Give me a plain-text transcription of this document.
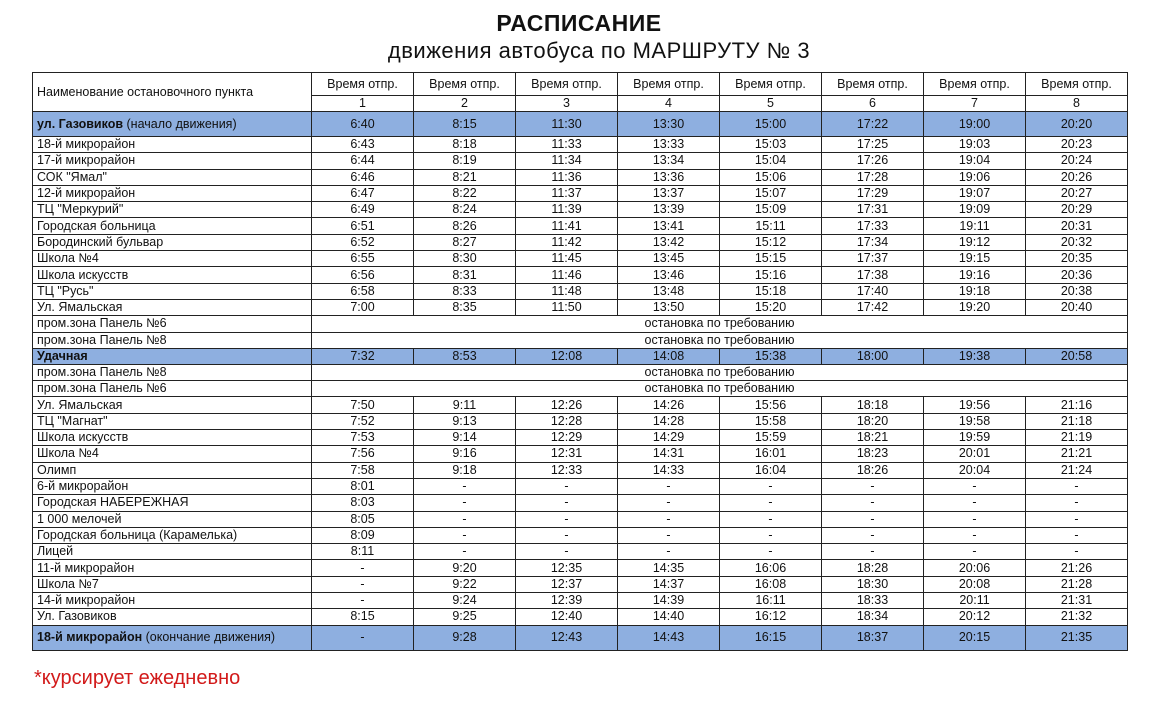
РАСПИСАНИЕ
движения автобуса по МАРШРУТУ № 3
Наименование остановочного пункта	Время отпр.	Время отпр.	Время отпр.	Время отпр.	Время отпр.	Время отпр.	Время отпр.	Время отпр.
	1	2	3	4	5	6	7	8
ул. Газовиков (начало движения)	6:40	8:15	11:30	13:30	15:00	17:22	19:00	20:20
18-й микрорайон	6:43	8:18	11:33	13:33	15:03	17:25	19:03	20:23
17-й микрорайон	6:44	8:19	11:34	13:34	15:04	17:26	19:04	20:24
СОК "Ямал"	6:46	8:21	11:36	13:36	15:06	17:28	19:06	20:26
12-й микрорайон	6:47	8:22	11:37	13:37	15:07	17:29	19:07	20:27
ТЦ "Меркурий"	6:49	8:24	11:39	13:39	15:09	17:31	19:09	20:29
Городская больница	6:51	8:26	11:41	13:41	15:11	17:33	19:11	20:31
Бородинский бульвар	6:52	8:27	11:42	13:42	15:12	17:34	19:12	20:32
Школа №4	6:55	8:30	11:45	13:45	15:15	17:37	19:15	20:35
Школа искусств	6:56	8:31	11:46	13:46	15:16	17:38	19:16	20:36
ТЦ "Русь"	6:58	8:33	11:48	13:48	15:18	17:40	19:18	20:38
Ул. Ямальская	7:00	8:35	11:50	13:50	15:20	17:42	19:20	20:40
пром.зона Панель №6	остановка по требованию							
пром.зона Панель №8	остановка по требованию							
Удачная	7:32	8:53	12:08	14:08	15:38	18:00	19:38	20:58
пром.зона Панель №8	остановка по требованию							
пром.зона Панель №6	остановка по требованию							
Ул. Ямальская	7:50	9:11	12:26	14:26	15:56	18:18	19:56	21:16
ТЦ "Магнат"	7:52	9:13	12:28	14:28	15:58	18:20	19:58	21:18
Школа искусств	7:53	9:14	12:29	14:29	15:59	18:21	19:59	21:19
Школа №4	7:56	9:16	12:31	14:31	16:01	18:23	20:01	21:21
Олимп	7:58	9:18	12:33	14:33	16:04	18:26	20:04	21:24
6-й микрорайон	8:01	-	-	-	-	-	-	-
Городская НАБЕРЕЖНАЯ	8:03	-	-	-	-	-	-	-
1 000 мелочей	8:05	-	-	-	-	-	-	-
Городская больница (Карамелька)	8:09	-	-	-	-	-	-	-
Лицей	8:11	-	-	-	-	-	-	-
11-й микрорайон	-	9:20	12:35	14:35	16:06	18:28	20:06	21:26
Школа №7	-	9:22	12:37	14:37	16:08	18:30	20:08	21:28
14-й микрорайон	-	9:24	12:39	14:39	16:11	18:33	20:11	21:31
Ул. Газовиков	8:15	9:25	12:40	14:40	16:12	18:34	20:12	21:32
18-й микрорайон (окончание движения)	-	9:28	12:43	14:43	16:15	18:37	20:15	21:35
*курсирует ежедневно
